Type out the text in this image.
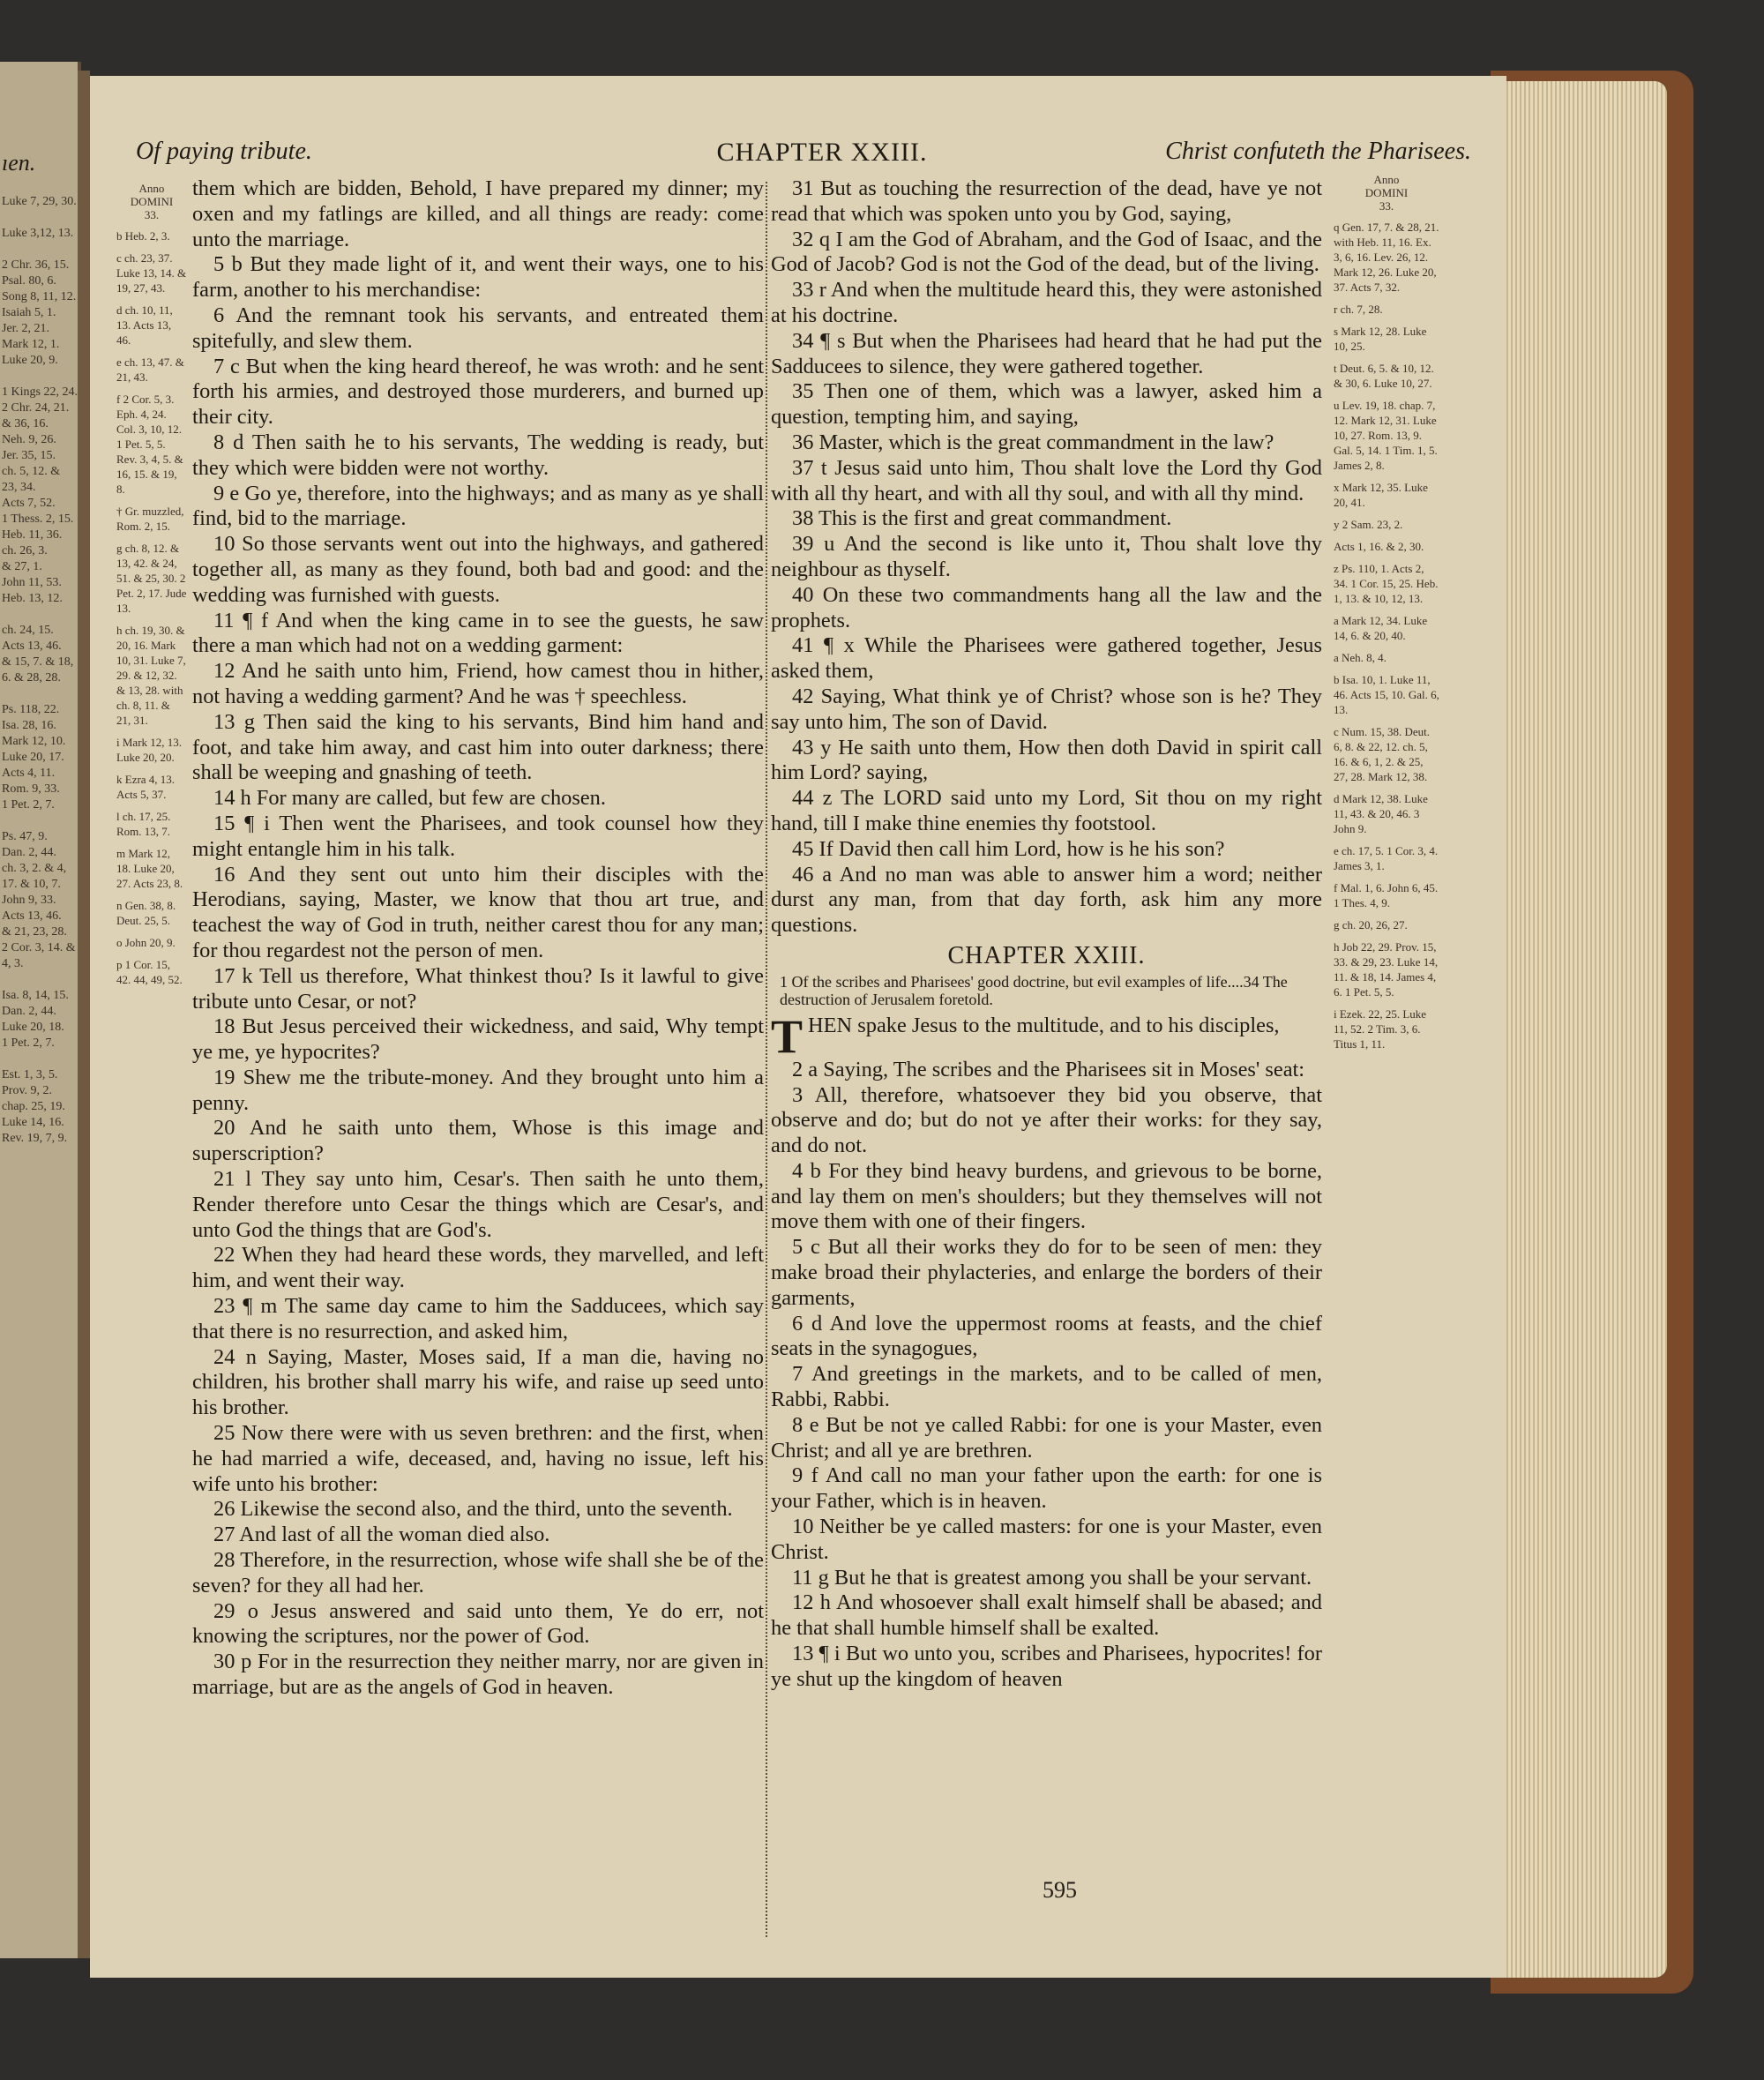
ıen.
Luke 7, 29, 30.

Luke 3,12, 13.

2 Chr. 36, 15.
Psal. 80, 6.
Song 8, 11, 12.
Isaiah 5, 1.
Jer. 2, 21.
Mark 12, 1.
Luke 20, 9.

1 Kings 22, 24.
2 Chr. 24, 21. & 36, 16.
Neh. 9, 26.
Jer. 35, 15.
ch. 5, 12. & 23, 34.
Acts 7, 52.
1 Thess. 2, 15.
Heb. 11, 36.
ch. 26, 3.
& 27, 1.
John 11, 53.
Heb. 13, 12.

ch. 24, 15.
Acts 13, 46.
& 15, 7. & 18, 6. & 28, 28.

Ps. 118, 22.
Isa. 28, 16.
Mark 12, 10.
Luke 20, 17.
Acts 4, 11.
Rom. 9, 33.
1 Pet. 2, 7.

Ps. 47, 9.
Dan. 2, 44.
ch. 3, 2. & 4, 17. & 10, 7.
John 9, 33.
Acts 13, 46.
& 21, 23, 28.
2 Cor. 3, 14. & 4, 3.

Isa. 8, 14, 15.
Dan. 2, 44.
Luke 20, 18.
1 Pet. 2, 7.

Est. 1, 3, 5.
Prov. 9, 2.
chap. 25, 19.
Luke 14, 16.
Rev. 19, 7, 9.
Of paying tribute.	CHAPTER XXIII.	Christ confuteth the Pharisees.
Anno
DOMINI
33.
b Heb. 2, 3.
c ch. 23, 37. Luke 13, 14. & 19, 27, 43.
d ch. 10, 11, 13. Acts 13, 46.
e ch. 13, 47. & 21, 43.
f 2 Cor. 5, 3. Eph. 4, 24. Col. 3, 10, 12. 1 Pet. 5, 5. Rev. 3, 4, 5. & 16, 15. & 19, 8.
† Gr. muzzled, Rom. 2, 15.
g ch. 8, 12. & 13, 42. & 24, 51. & 25, 30. 2 Pet. 2, 17. Jude 13.
h ch. 19, 30. & 20, 16. Mark 10, 31. Luke 7, 29. & 12, 32. & 13, 28. with ch. 8, 11. & 21, 31.
i Mark 12, 13. Luke 20, 20.
k Ezra 4, 13. Acts 5, 37.
l ch. 17, 25. Rom. 13, 7.
m Mark 12, 18. Luke 20, 27. Acts 23, 8.
n Gen. 38, 8. Deut. 25, 5.
o John 20, 9.
p 1 Cor. 15, 42. 44, 49, 52.

them which are bidden, Behold, I have prepared my dinner; my oxen and my fatlings are killed, and all things are ready: come unto the marriage.

5 b But they made light of it, and went their ways, one to his farm, another to his merchandise:

6 And the remnant took his servants, and entreated them spitefully, and slew them.

7 c But when the king heard thereof, he was wroth: and he sent forth his armies, and destroyed those murderers, and burned up their city.

8 d Then saith he to his servants, The wedding is ready, but they which were bidden were not worthy.

9 e Go ye, therefore, into the highways; and as many as ye shall find, bid to the marriage.

10 So those servants went out into the highways, and gathered together all, as many as they found, both bad and good: and the wedding was furnished with guests.

11 ¶ f And when the king came in to see the guests, he saw there a man which had not on a wedding garment:

12 And he saith unto him, Friend, how camest thou in hither, not having a wedding garment? And he was † speechless.

13 g Then said the king to his servants, Bind him hand and foot, and take him away, and cast him into outer darkness; there shall be weeping and gnashing of teeth.

14 h For many are called, but few are chosen.

15 ¶ i Then went the Pharisees, and took counsel how they might entangle him in his talk.

16 And they sent out unto him their disciples with the Herodians, saying, Master, we know that thou art true, and teachest the way of God in truth, neither carest thou for any man; for thou regardest not the person of men.

17 k Tell us therefore, What thinkest thou? Is it lawful to give tribute unto Cesar, or not?

18 But Jesus perceived their wickedness, and said, Why tempt ye me, ye hypocrites?

19 Shew me the tribute-money. And they brought unto him a penny.

20 And he saith unto them, Whose is this image and superscription?

21 l They say unto him, Cesar's. Then saith he unto them, Render therefore unto Cesar the things which are Cesar's, and unto God the things that are God's.

22 When they had heard these words, they marvelled, and left him, and went their way.

23 ¶ m The same day came to him the Sadducees, which say that there is no resurrection, and asked him,

24 n Saying, Master, Moses said, If a man die, having no children, his brother shall marry his wife, and raise up seed unto his brother.

25 Now there were with us seven brethren: and the first, when he had married a wife, deceased, and, having no issue, left his wife unto his brother:

26 Likewise the second also, and the third, unto the seventh.

27 And last of all the woman died also.

28 Therefore, in the resurrection, whose wife shall she be of the seven? for they all had her.

29 o Jesus answered and said unto them, Ye do err, not knowing the scriptures, nor the power of God.

30 p For in the resurrection they neither marry, nor are given in marriage, but are as the angels of God in heaven.

31 But as touching the resurrection of the dead, have ye not read that which was spoken unto you by God, saying,

32 q I am the God of Abraham, and the God of Isaac, and the God of Jacob? God is not the God of the dead, but of the living.

33 r And when the multitude heard this, they were astonished at his doctrine.

34 ¶ s But when the Pharisees had heard that he had put the Sadducees to silence, they were gathered together.

35 Then one of them, which was a lawyer, asked him a question, tempting him, and saying,

36 Master, which is the great commandment in the law?

37 t Jesus said unto him, Thou shalt love the Lord thy God with all thy heart, and with all thy soul, and with all thy mind.

38 This is the first and great commandment.

39 u And the second is like unto it, Thou shalt love thy neighbour as thyself.

40 On these two commandments hang all the law and the prophets.

41 ¶ x While the Pharisees were gathered together, Jesus asked them,

42 Saying, What think ye of Christ? whose son is he? They say unto him, The son of David.

43 y He saith unto them, How then doth David in spirit call him Lord? saying,

44 z The LORD said unto my Lord, Sit thou on my right hand, till I make thine enemies thy footstool.

45 If David then call him Lord, how is he his son?

46 a And no man was able to answer him a word; neither durst any man, from that day forth, ask him any more questions.

CHAPTER XXIII.
1 Of the scribes and Pharisees' good doctrine, but evil examples of life....34 The destruction of Jerusalem foretold.

THEN spake Jesus to the multitude, and to his disciples,

2 a Saying, The scribes and the Pharisees sit in Moses' seat:

3 All, therefore, whatsoever they bid you observe, that observe and do; but do not ye after their works: for they say, and do not.

4 b For they bind heavy burdens, and grievous to be borne, and lay them on men's shoulders; but they themselves will not move them with one of their fingers.

5 c But all their works they do for to be seen of men: they make broad their phylacteries, and enlarge the borders of their garments,

6 d And love the uppermost rooms at feasts, and the chief seats in the synagogues,

7 And greetings in the markets, and to be called of men, Rabbi, Rabbi.

8 e But be not ye called Rabbi: for one is your Master, even Christ; and all ye are brethren.

9 f And call no man your father upon the earth: for one is your Father, which is in heaven.

10 Neither be ye called masters: for one is your Master, even Christ.

11 g But he that is greatest among you shall be your servant.

12 h And whosoever shall exalt himself shall be abased; and he that shall humble himself shall be exalted.

13 ¶ i But wo unto you, scribes and Pharisees, hypocrites! for ye shut up the kingdom of heaven

Anno
DOMINI
33.
q Gen. 17, 7. & 28, 21. with Heb. 11, 16. Ex. 3, 6, 16. Lev. 26, 12. Mark 12, 26. Luke 20, 37. Acts 7, 32.
r ch. 7, 28.
s Mark 12, 28. Luke 10, 25.
t Deut. 6, 5. & 10, 12. & 30, 6. Luke 10, 27.
u Lev. 19, 18. chap. 7, 12. Mark 12, 31. Luke 10, 27. Rom. 13, 9. Gal. 5, 14. 1 Tim. 1, 5. James 2, 8.
x Mark 12, 35. Luke 20, 41.
y 2 Sam. 23, 2.
Acts 1, 16. & 2, 30.
z Ps. 110, 1. Acts 2, 34. 1 Cor. 15, 25. Heb. 1, 13. & 10, 12, 13.
a Mark 12, 34. Luke 14, 6. & 20, 40.
a Neh. 8, 4.
b Isa. 10, 1. Luke 11, 46. Acts 15, 10. Gal. 6, 13.
c Num. 15, 38. Deut. 6, 8. & 22, 12. ch. 5, 16. & 6, 1, 2. & 25, 27, 28. Mark 12, 38.
d Mark 12, 38. Luke 11, 43. & 20, 46. 3 John 9.
e ch. 17, 5. 1 Cor. 3, 4. James 3, 1.
f Mal. 1, 6. John 6, 45. 1 Thes. 4, 9.
g ch. 20, 26, 27.
h Job 22, 29. Prov. 15, 33. & 29, 23. Luke 14, 11. & 18, 14. James 4, 6. 1 Pet. 5, 5.
i Ezek. 22, 25. Luke 11, 52. 2 Tim. 3, 6. Titus 1, 11.
595
